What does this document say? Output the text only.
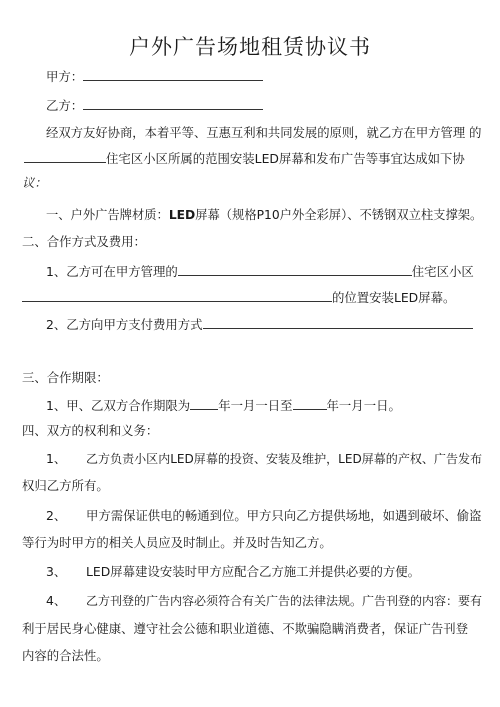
户外广告场地租赁协议书
甲方：
乙方：
经双方友好协商，本着平等、互惠互利和共同发展的原则，就乙方在甲方管理 的
住宅区小区所属的范围安装LED屏幕和发布广告等事宜达成如下协
议：
一、户外广告牌材质：LED屏幕（规格P10户外全彩屏）、不锈钢双立柱支撑架。
二、合作方式及费用：
1、乙方可在甲方管理的	住宅区小区
的位置安装LED屏幕。
2、乙方向甲方支付费用方式
三、合作期限：
1、甲、乙双方合作期限为 年一月一日至	年一月一日。
四、双方的权利和义务：
1、 乙方负责小区内LED屏幕的投资、安装及维护，LED屏幕的产权、广告发布
权归乙方所有。
2、 甲方需保证供电的畅通到位。甲方只向乙方提供场地，如遇到破坏、偷盗
等行为时甲方的相关人员应及时制止。并及时告知乙方。
3、 LED屏幕建设安装时甲方应配合乙方施工并提供必要的方便。
4、 乙方刊登的广告内容必须符合有关广告的法律法规。广告刊登的内容：要有
利于居民身心健康、遵守社会公德和职业道德、不欺骗隐瞒消费者，保证广告刊登
内容的合法性。
